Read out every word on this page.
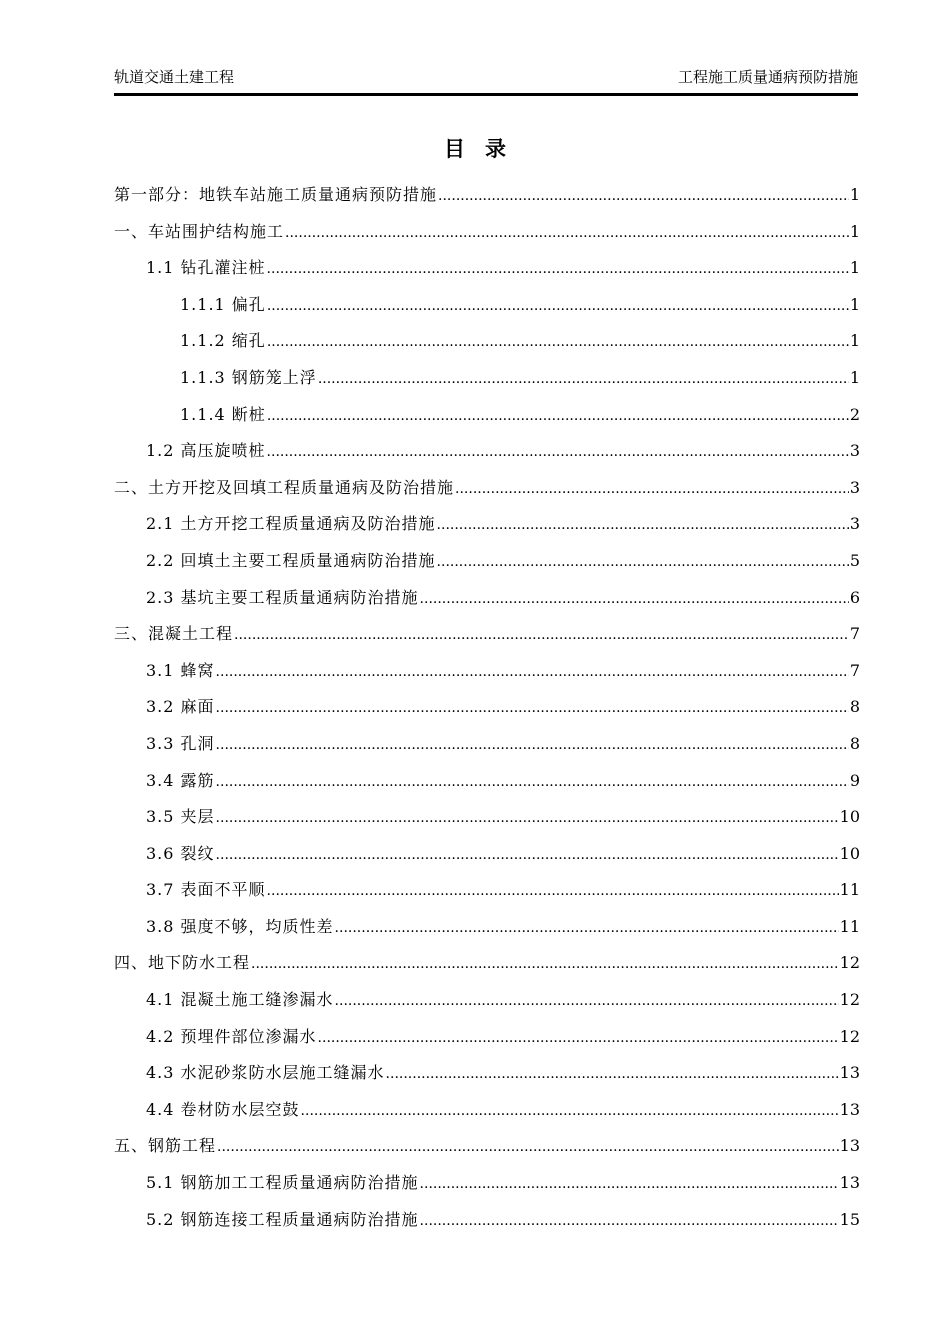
轨道交通土建工程	工程施工质量通病预防措施
目录
第一部分：地铁车站施工质量通病预防措施 .....	1
一、车站围护结构施工 .....	1
1.1 钻孔灌注桩 .....	1
1.1.1 偏孔 .....	1
1.1.2 缩孔 .....	1
1.1.3 钢筋笼上浮 .....	1
1.1.4 断桩 .....	2
1.2 高压旋喷桩 .....	3
二、土方开挖及回填工程质量通病及防治措施 .....	3
2.1 土方开挖工程质量通病及防治措施 .....	3
2.2 回填土主要工程质量通病防治措施 .....	5
2.3 基坑主要工程质量通病防治措施 .....	6
三、混凝土工程 .....	7
3.1 蜂窝 .....	7
3.2 麻面 .....	8
3.3 孔洞 .....	8
3.4 露筋 .....	9
3.5 夹层 .....	10
3.6 裂纹 .....	10
3.7 表面不平顺 .....	11
3.8 强度不够，均质性差 .....	11
四、地下防水工程 .....	12
4.1 混凝土施工缝渗漏水 .....	12
4.2 预埋件部位渗漏水 .....	12
4.3 水泥砂浆防水层施工缝漏水 .....	13
4.4 卷材防水层空鼓 .....	13
五、钢筋工程 .....	13
5.1 钢筋加工工程质量通病防治措施 .....	13
5.2 钢筋连接工程质量通病防治措施 .....	15
